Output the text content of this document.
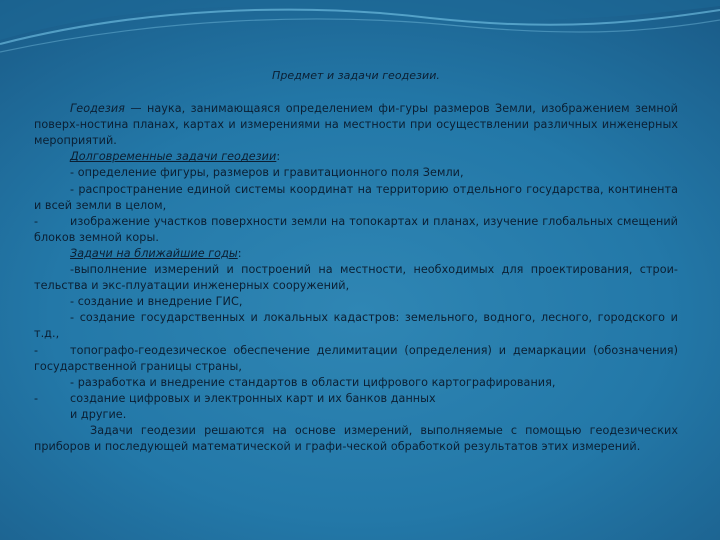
Предмет и задачи геодезии.

Геодезия — наука, занимающаяся определением фи-гуры размеров Земли, изображением земной поверх-ностина планах, картах и измерениями на местности при осуществлении различных инженерных мероприятий.

Долговременные задачи геодезии:

- определение фигуры, размеров и гравитационного поля Земли,

- распространение единой системы координат на территорию отдельного государства, континента и всей земли в целом,

-	изображение участков поверхности земли на топокартах и планах, изучение глобальных смещений блоков земной коры.

Задачи на ближайшие годы:

-выполнение измерений и построений на местности, необходимых для проектирования, строи-тельства и экс-плуатации инженерных сооружений,

- создание и внедрение ГИС,

- создание государственных и локальных кадастров: земельного, водного, лесного, городского и т.д.,

-	топографо-геодезическое обеспечение делимитации (определения) и демаркации (обозначения) государственной границы страны,

- разработка и внедрение стандартов в области цифрового картографирования,

-	создание цифровых и электронных карт и их банков данных

и другие.

Задачи геодезии решаются на основе измерений, выполняемые с помощью геодезических приборов и последующей математической и графи-ческой обработкой результатов этих измерений.
